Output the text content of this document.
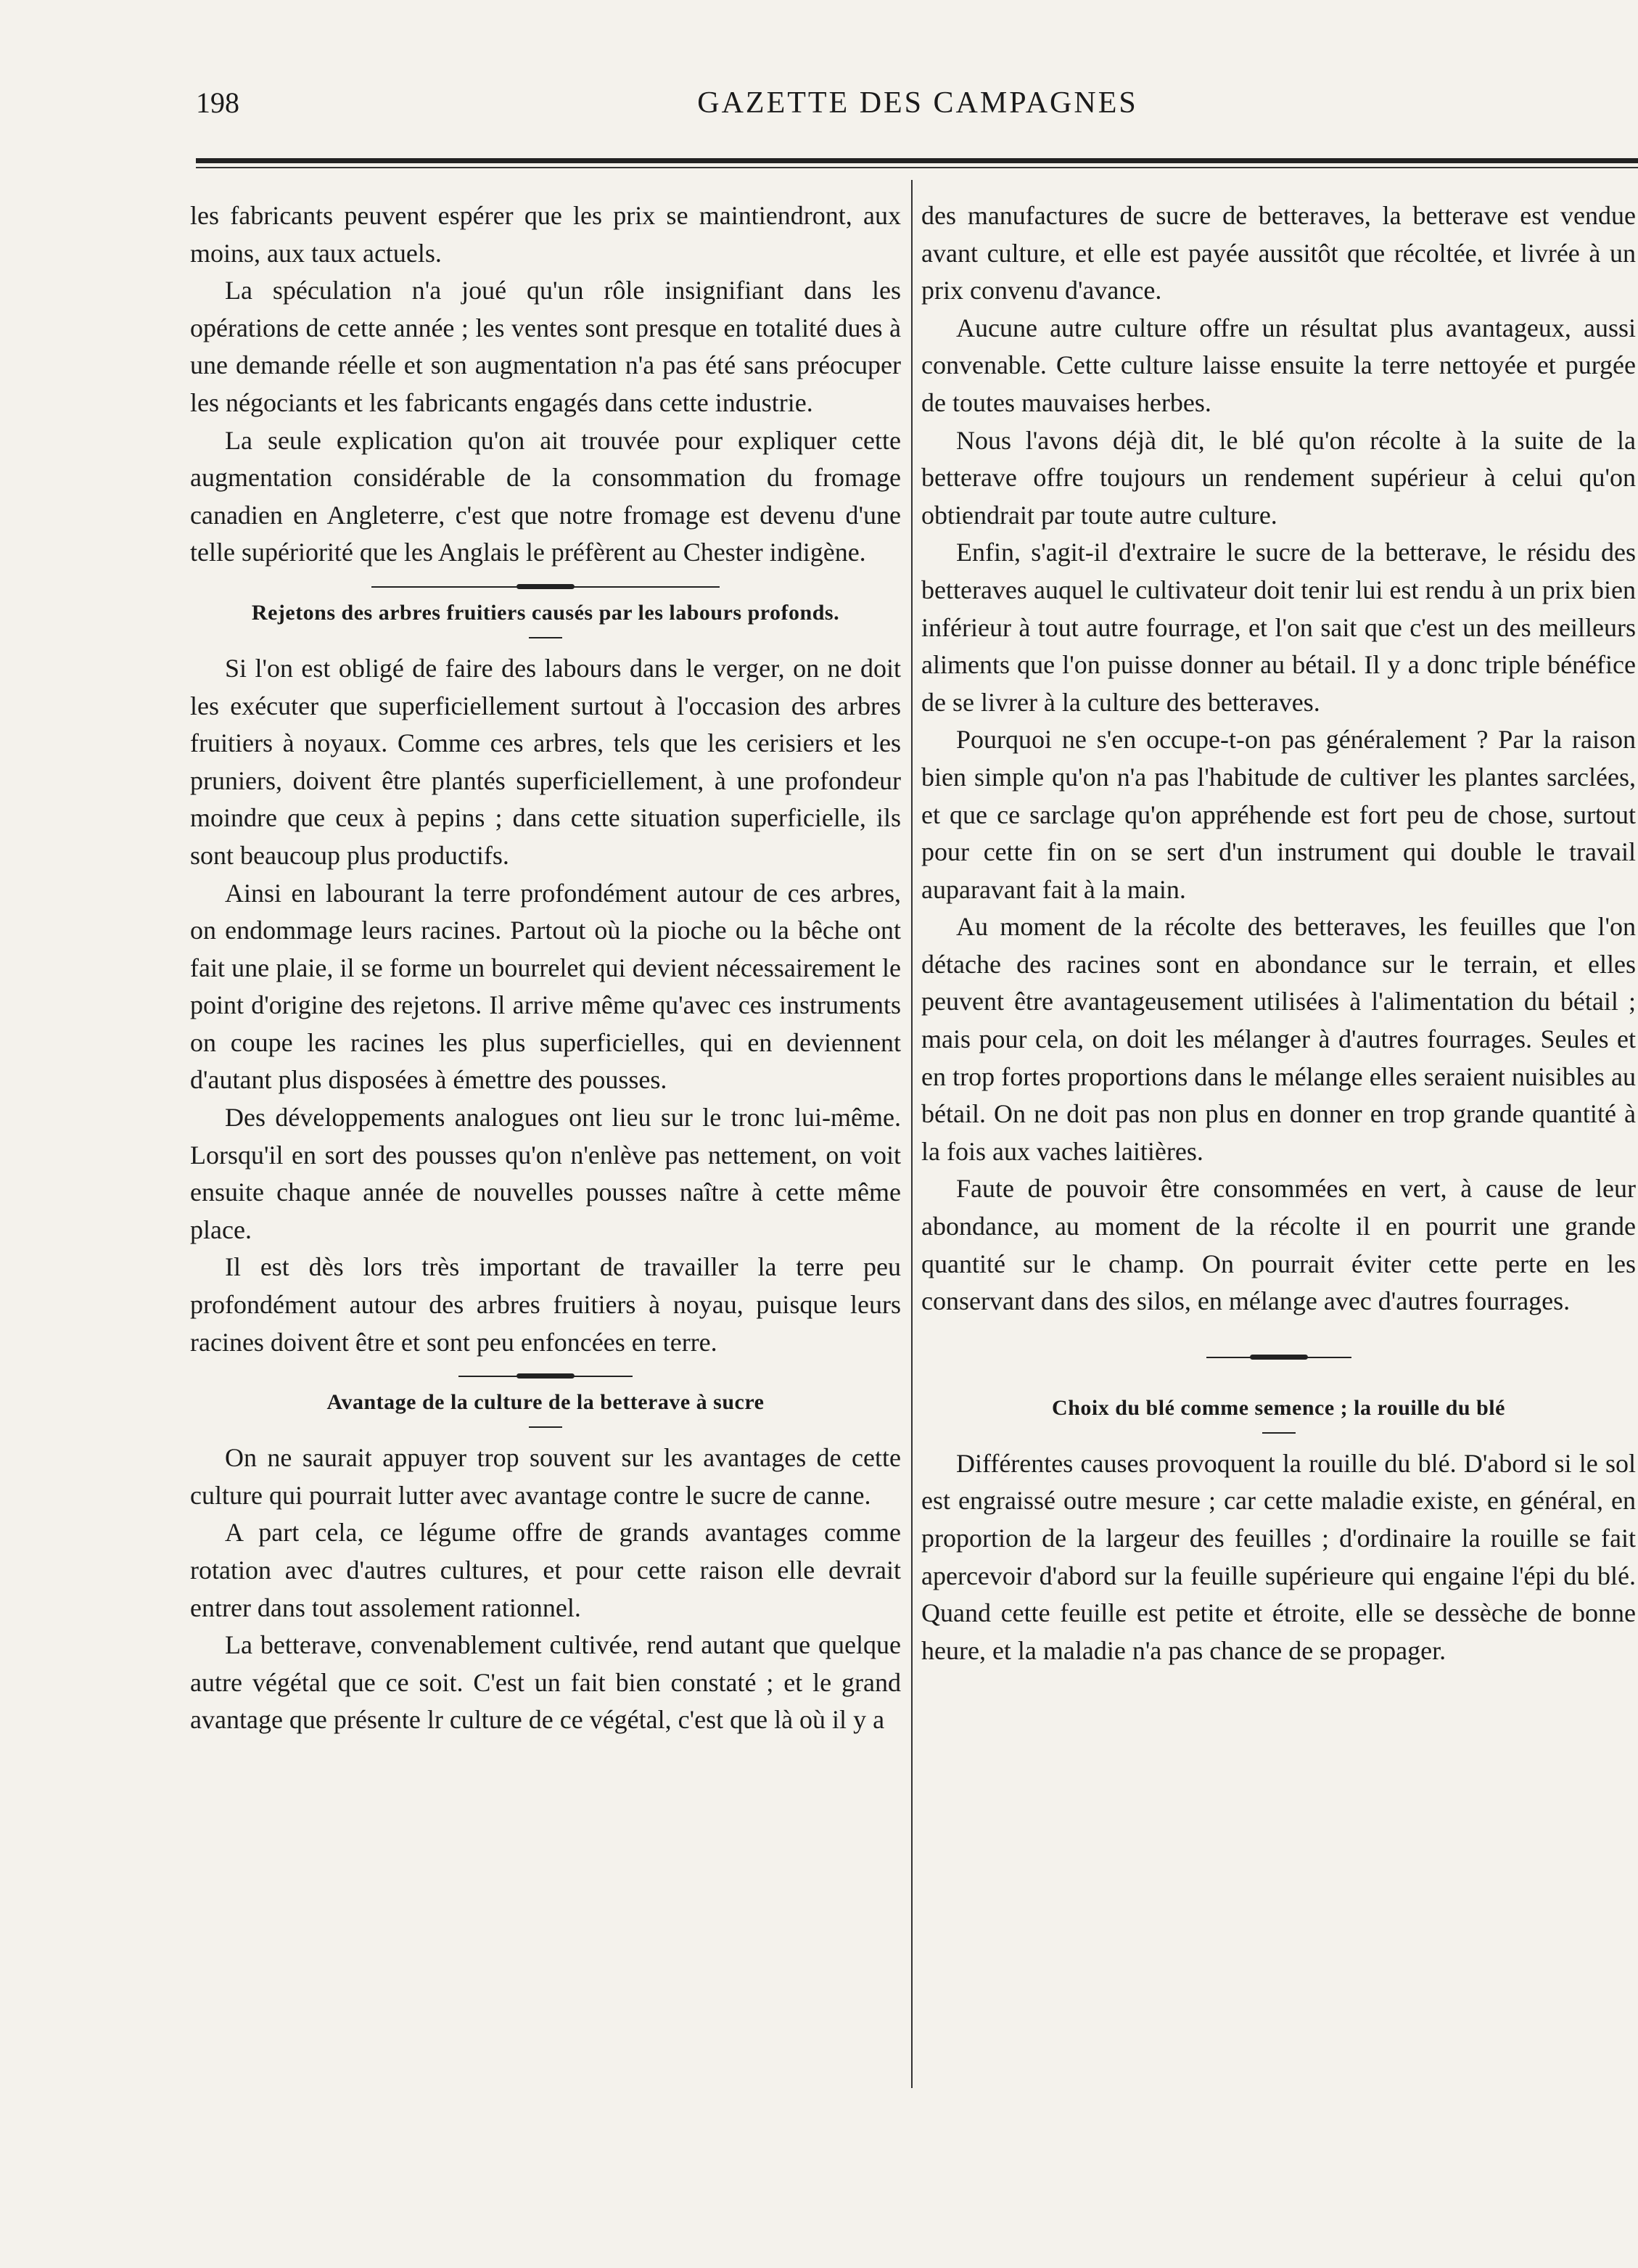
198	GAZETTE DES CAMPAGNES

les fabricants peuvent espérer que les prix se maintiendront, aux moins, aux taux actuels.

La spéculation n'a joué qu'un rôle insignifiant dans les opérations de cette année ; les ventes sont presque en totalité dues à une demande réelle et son augmentation n'a pas été sans préocuper les négociants et les fabricants engagés dans cette industrie.

La seule explication qu'on ait trouvée pour expliquer cette augmentation considérable de la consommation du fromage canadien en Angleterre, c'est que notre fromage est devenu d'une telle supériorité que les Anglais le préfèrent au Chester indigène.

Rejetons des arbres fruitiers causés par les labours profonds.

Si l'on est obligé de faire des labours dans le verger, on ne doit les exécuter que superficiellement surtout à l'occasion des arbres fruitiers à noyaux. Comme ces arbres, tels que les cerisiers et les pruniers, doivent être plantés superficiellement, à une profondeur moindre que ceux à pepins ; dans cette situation superficielle, ils sont beaucoup plus productifs.

Ainsi en labourant la terre profondément autour de ces arbres, on endommage leurs racines. Partout où la pioche ou la bêche ont fait une plaie, il se forme un bourrelet qui devient nécessairement le point d'origine des rejetons. Il arrive même qu'avec ces instruments on coupe les racines les plus superficielles, qui en deviennent d'autant plus disposées à émettre des pousses.

Des développements analogues ont lieu sur le tronc lui-même. Lorsqu'il en sort des pousses qu'on n'enlève pas nettement, on voit ensuite chaque année de nouvelles pousses naître à cette même place.

Il est dès lors très important de travailler la terre peu profondément autour des arbres fruitiers à noyau, puisque leurs racines doivent être et sont peu enfoncées en terre.

Avantage de la culture de la betterave à sucre

On ne saurait appuyer trop souvent sur les avantages de cette culture qui pourrait lutter avec avantage contre le sucre de canne.

A part cela, ce légume offre de grands avantages comme rotation avec d'autres cultures, et pour cette raison elle devrait entrer dans tout assolement rationnel.

La betterave, convenablement cultivée, rend autant que quelque autre végétal que ce soit. C'est un fait bien constaté ; et le grand avantage que présente lr culture de ce végétal, c'est que là où il y a

des manufactures de sucre de betteraves, la betterave est vendue avant culture, et elle est payée aussitôt que récoltée, et livrée à un prix convenu d'avance.

Aucune autre culture offre un résultat plus avantageux, aussi convenable. Cette culture laisse ensuite la terre nettoyée et purgée de toutes mauvaises herbes.

Nous l'avons déjà dit, le blé qu'on récolte à la suite de la betterave offre toujours un rendement supérieur à celui qu'on obtiendrait par toute autre culture.

Enfin, s'agit-il d'extraire le sucre de la betterave, le résidu des betteraves auquel le cultivateur doit tenir lui est rendu à un prix bien inférieur à tout autre fourrage, et l'on sait que c'est un des meilleurs aliments que l'on puisse donner au bétail. Il y a donc triple bénéfice de se livrer à la culture des betteraves.

Pourquoi ne s'en occupe-t-on pas généralement ? Par la raison bien simple qu'on n'a pas l'habitude de cultiver les plantes sarclées, et que ce sarclage qu'on appréhende est fort peu de chose, surtout pour cette fin on se sert d'un instrument qui double le travail auparavant fait à la main.

Au moment de la récolte des betteraves, les feuilles que l'on détache des racines sont en abondance sur le terrain, et elles peuvent être avantageusement utilisées à l'alimentation du bétail ; mais pour cela, on doit les mélanger à d'autres fourrages. Seules et en trop fortes proportions dans le mélange elles seraient nuisibles au bétail. On ne doit pas non plus en donner en trop grande quantité à la fois aux vaches laitières.

Faute de pouvoir être consommées en vert, à cause de leur abondance, au moment de la récolte il en pourrit une grande quantité sur le champ. On pourrait éviter cette perte en les conservant dans des silos, en mélange avec d'autres fourrages.

Choix du blé comme semence ; la rouille du blé

Différentes causes provoquent la rouille du blé. D'abord si le sol est engraissé outre mesure ; car cette maladie existe, en général, en proportion de la largeur des feuilles ; d'ordinaire la rouille se fait apercevoir d'abord sur la feuille supérieure qui engaine l'épi du blé. Quand cette feuille est petite et étroite, elle se dessèche de bonne heure, et la maladie n'a pas chance de se propager.
